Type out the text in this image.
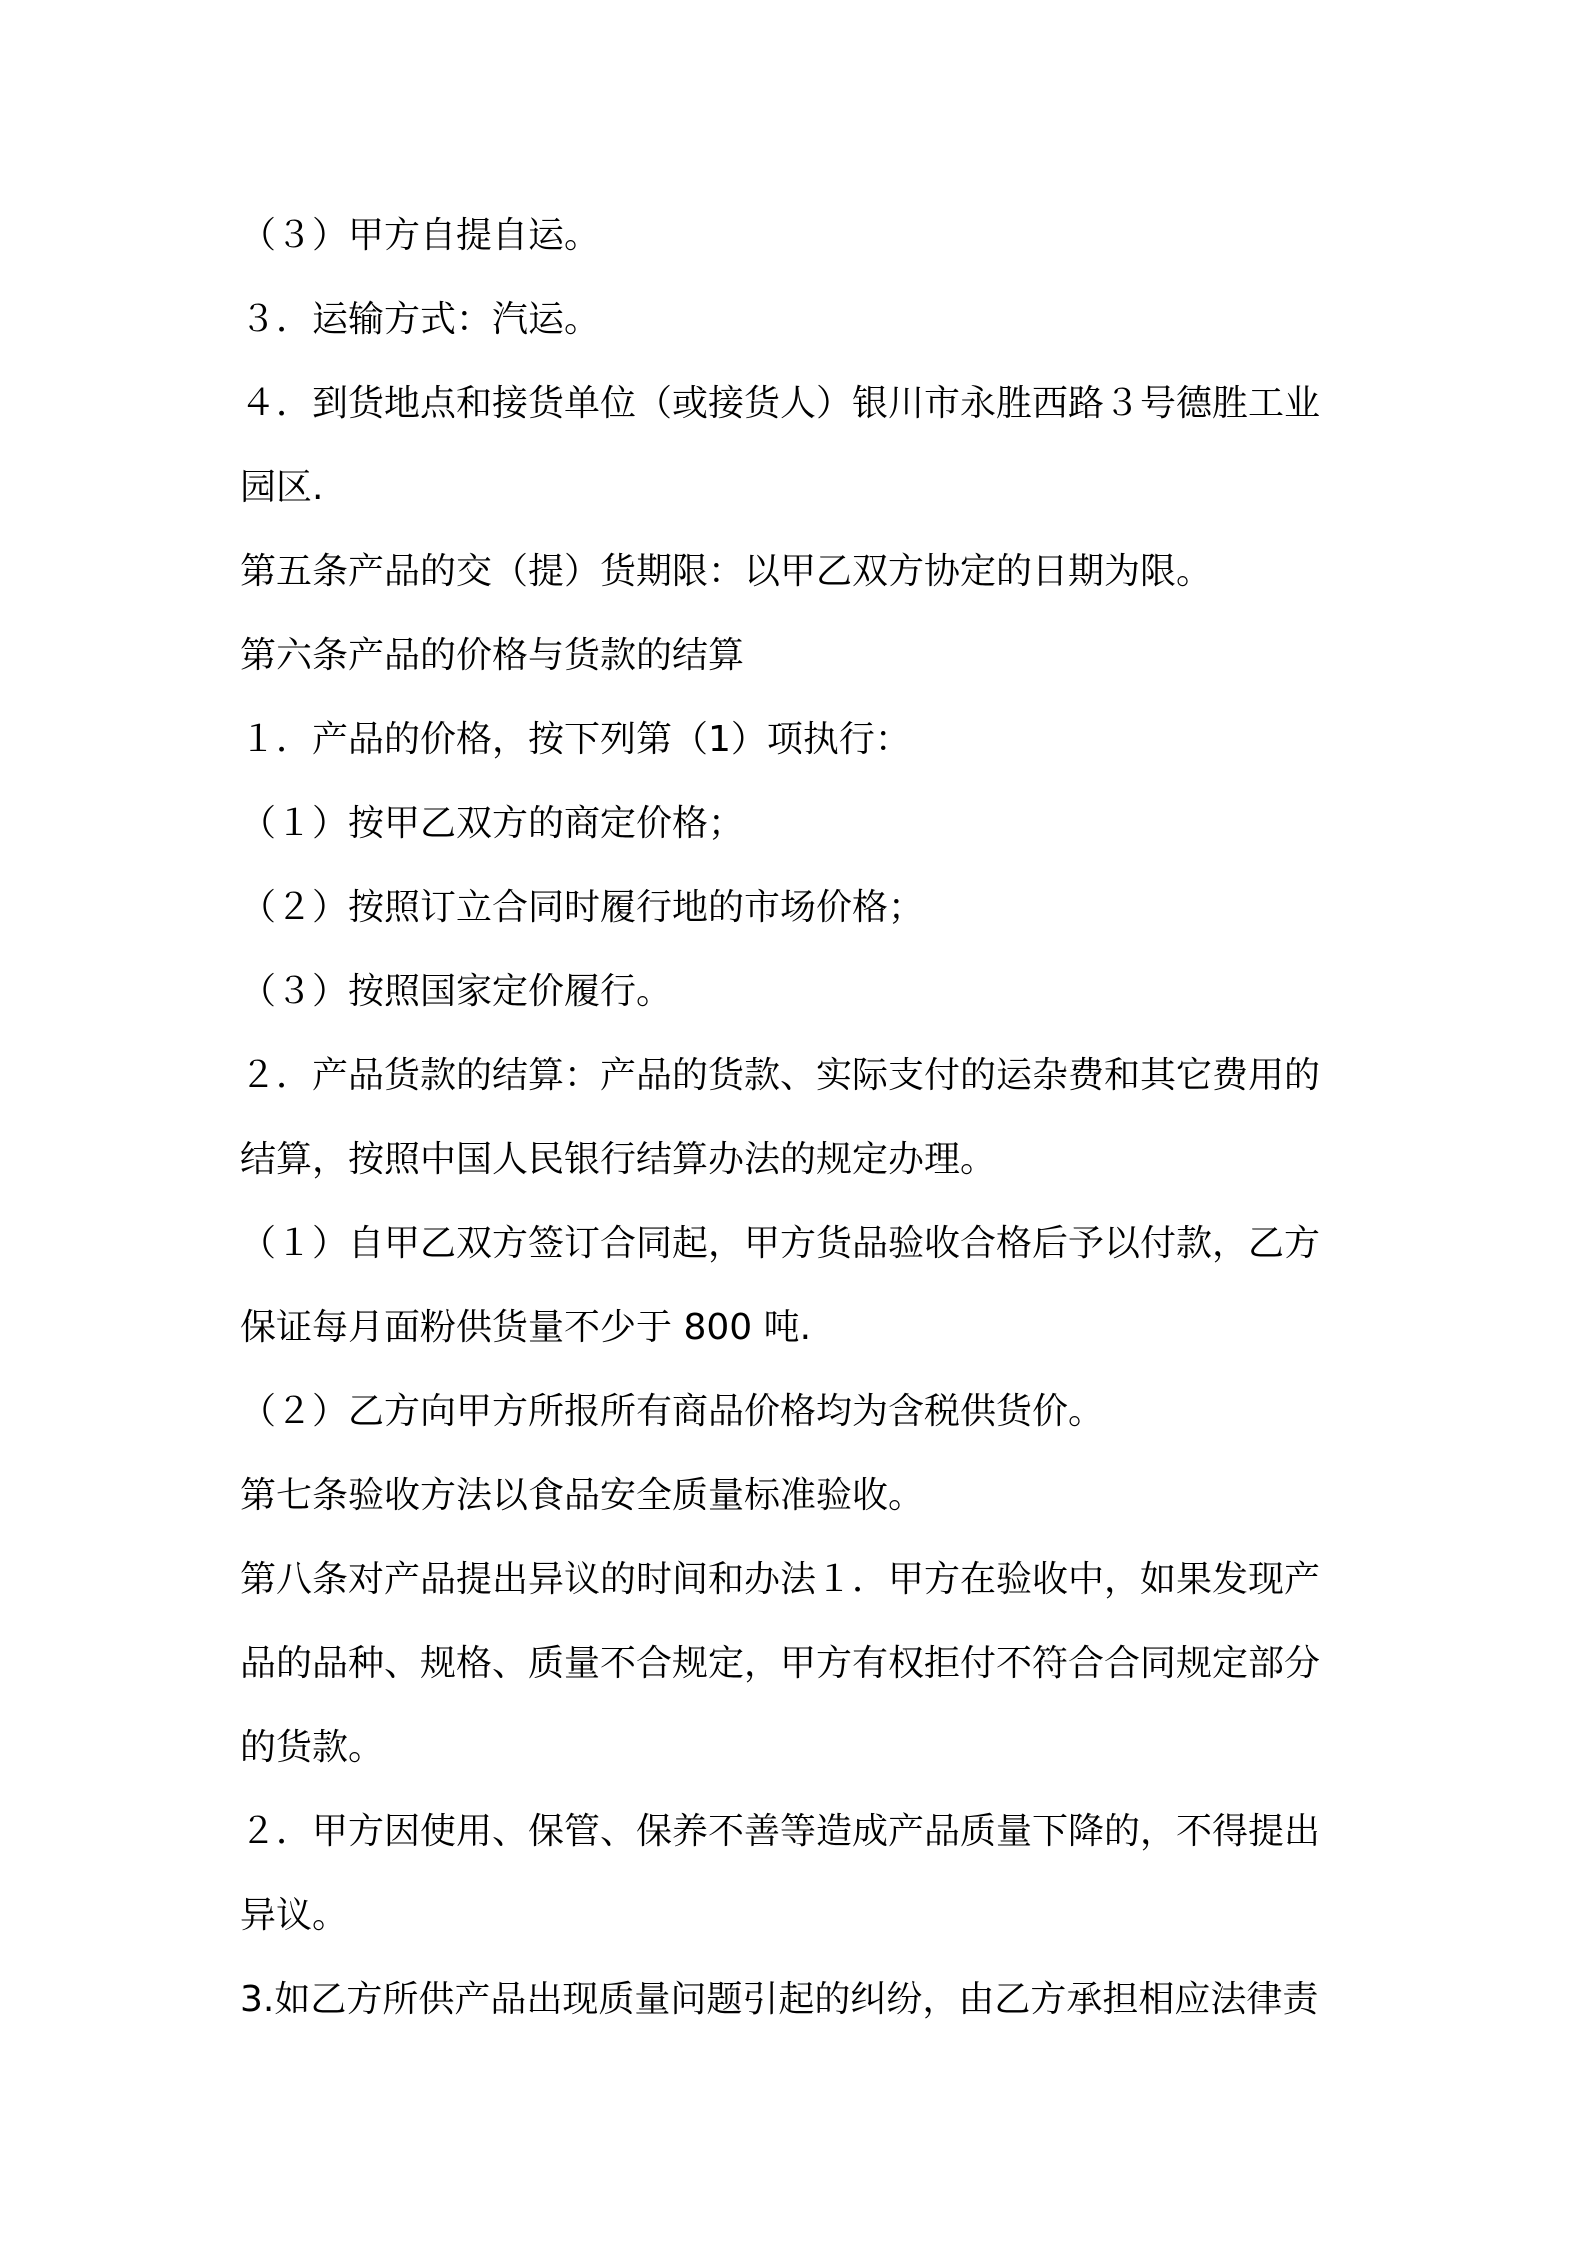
（３）甲方自提自运。
３．运输方式：汽运。
４．到货地点和接货单位（或接货人）银川市永胜西路３号德胜工业
园区.
第五条产品的交（提）货期限：以甲乙双方协定的日期为限。
第六条产品的价格与货款的结算
１．产品的价格，按下列第（1）项执行：
（１）按甲乙双方的商定价格；
（２）按照订立合同时履行地的市场价格；
（３）按照国家定价履行。
２．产品货款的结算：产品的货款、实际支付的运杂费和其它费用的
结算，按照中国人民银行结算办法的规定办理。
（１）自甲乙双方签订合同起，甲方货品验收合格后予以付款，乙方
保证每月面粉供货量不少于 800 吨.
（２）乙方向甲方所报所有商品价格均为含税供货价。
第七条验收方法以食品安全质量标准验收。
第八条对产品提出异议的时间和办法１．甲方在验收中，如果发现产
品的品种、规格、质量不合规定，甲方有权拒付不符合合同规定部分
的货款。
２．甲方因使用、保管、保养不善等造成产品质量下降的，不得提出
异议。
3.如乙方所供产品出现质量问题引起的纠纷，由乙方承担相应法律责
